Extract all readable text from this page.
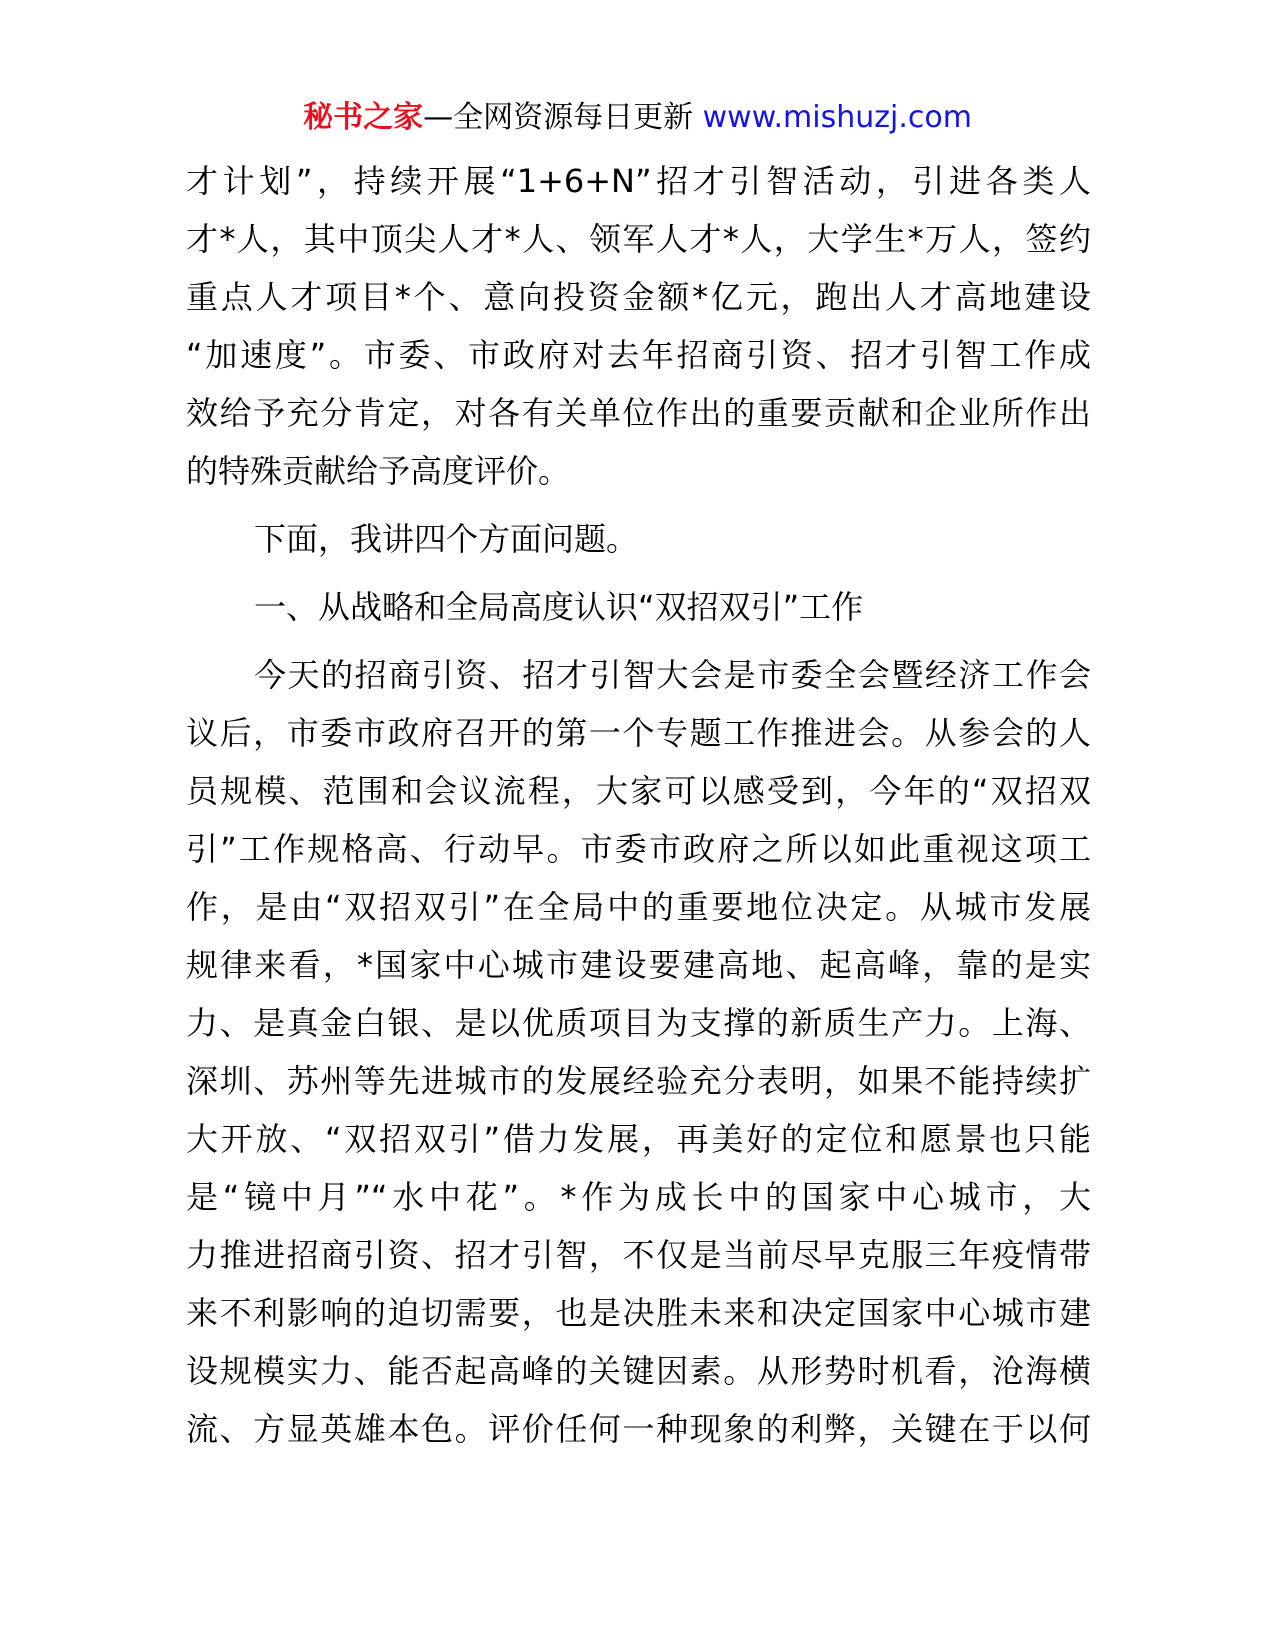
秘书之家—全网资源每日更新 www.mishuzj.com
才计划”，持续开展“1+6+N”招才引智活动，引进各类人
才*人，其中顶尖人才*人、领军人才*人，大学生*万人，签约
重点人才项目*个、意向投资金额*亿元，跑出人才高地建设
“加速度”。市委、市政府对去年招商引资、招才引智工作成
效给予充分肯定，对各有关单位作出的重要贡献和企业所作出
的特殊贡献给予高度评价。
下面，我讲四个方面问题。
一、从战略和全局高度认识“双招双引”工作
今天的招商引资、招才引智大会是市委全会暨经济工作会
议后，市委市政府召开的第一个专题工作推进会。从参会的人
员规模、范围和会议流程，大家可以感受到，今年的“双招双
引”工作规格高、行动早。市委市政府之所以如此重视这项工
作，是由“双招双引”在全局中的重要地位决定。从城市发展
规律来看，*国家中心城市建设要建高地、起高峰，靠的是实
力、是真金白银、是以优质项目为支撑的新质生产力。上海、
深圳、苏州等先进城市的发展经验充分表明，如果不能持续扩
大开放、“双招双引”借力发展，再美好的定位和愿景也只能
是“镜中月”“水中花”。*作为成长中的国家中心城市，大
力推进招商引资、招才引智，不仅是当前尽早克服三年疫情带
来不利影响的迫切需要，也是决胜未来和决定国家中心城市建
设规模实力、能否起高峰的关键因素。从形势时机看，沧海横
流、方显英雄本色。评价任何一种现象的利弊，关键在于以何
